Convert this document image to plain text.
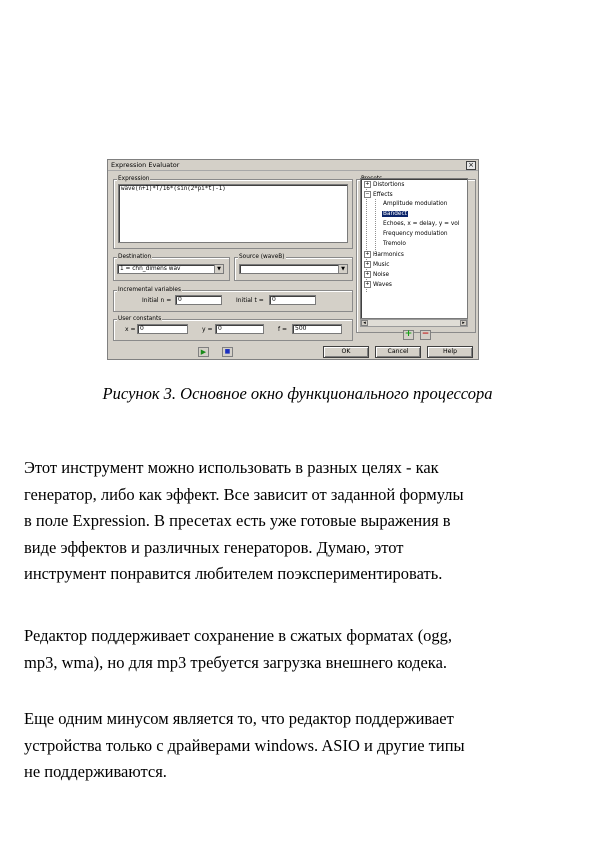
Expression Evaluator	×
Expression
wave(n+1)*T/16*(sin(2*pi*t)-1)
Destination
1 = chn_dimens wav	▼
Source (waveB)
▼
Incremental variables
Initial n =	0	Initial t =	0
User constants
x = 0	y = 0	f =	500
+ Distortions
− Effects
Amplitude modulation
Bandect
Echoes, x = delay, y = vol
Frequency modulation
Tremolo
+ Harmonics
+ Music
+ Noise
+ Waves
◂	▸
+ −
▶	■	OK	Cancel	Help
Рисунок 3. Основное окно функционального процессора

Этот инструмент можно использовать в разных целях - как
генератор, либо как эффект. Все зависит от заданной формулы
в поле Expression. В пресетах есть уже готовые выражения в
виде эффектов и различных генераторов. Думаю, этот
инструмент понравится любителем поэкспериментировать.

Редактор поддерживает сохранение в сжатых форматах (ogg,
mp3, wma), но для mp3 требуется загрузка внешнего кодека.

Еще одним минусом является то, что редактор поддерживает
устройства только с драйверами windows. ASIO и другие типы
не поддерживаются.
